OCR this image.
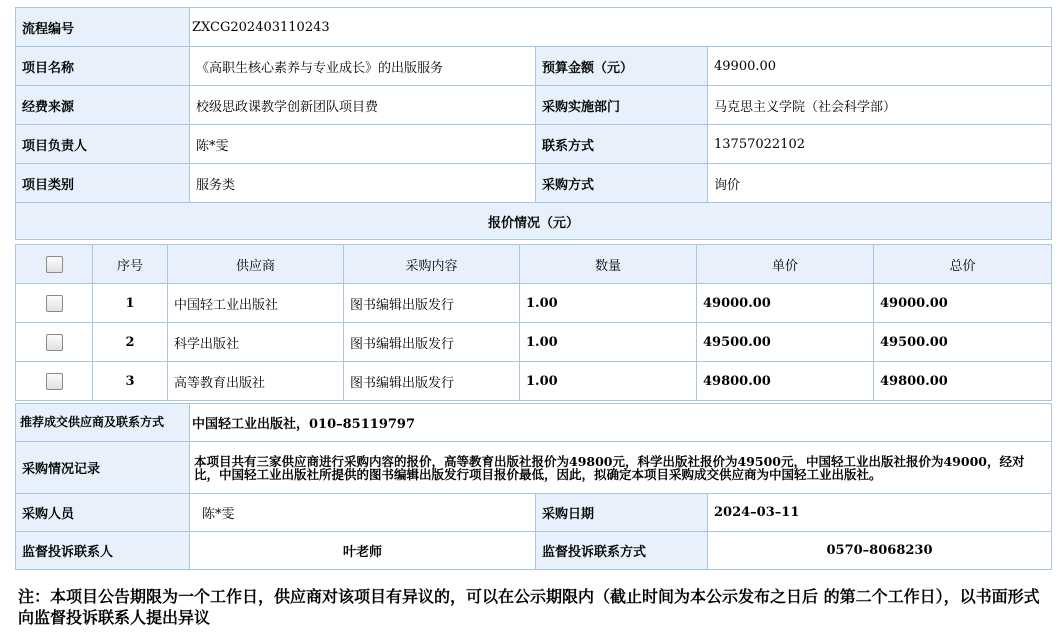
流程编号	ZXCG202403110243		
项目名称	《高职生核心素养与专业成长》的出版服务	预算金额（元）	49900.00
经费来源	校级思政课教学创新团队项目费	采购实施部门	马克思主义学院（社会科学部）
项目负责人	陈*雯	联系方式	13757022102
项目类别	服务类	采购方式	询价
报价情况（元）			
	序号	供应商	采购内容	数量	单价	总价
	1	中国轻工业出版社	图书编辑出版发行	1.00	49000.00	49000.00
	2	科学出版社	图书编辑出版发行	1.00	49500.00	49500.00
	3	高等教育出版社	图书编辑出版发行	1.00	49800.00	49800.00
推荐成交供应商及联系方式	中国轻工业出版社，010–85119797		
采购情况记录	本项目共有三家供应商进行采购内容的报价，高等教育出版社报价为49800元，科学出版社报价为49500元，中国轻工业出版社报价为49000，经对比，中国轻工业出版社所提供的图书编辑出版发行项目报价最低，因此，拟确定本项目采购成交供应商为中国轻工业出版社。		
采购人员	陈*雯	采购日期	2024–03–11
监督投诉联系人	叶老师	监督投诉联系方式	0570–8068230
注：本项目公告期限为一个工作日，供应商对该项目有异议的，可以在公示期限内（截止时间为本公示发布之日后 的第二个工作日），以书面形式向监督投诉联系人提出异议
